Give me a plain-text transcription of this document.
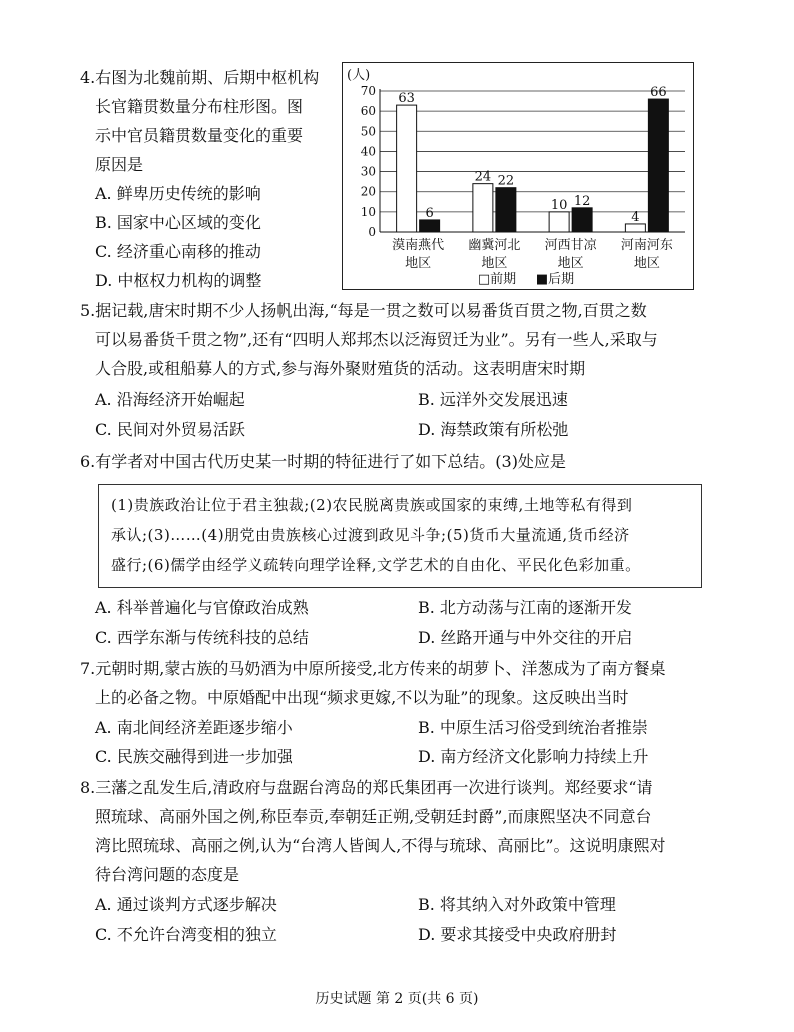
4.右图为北魏前期、后期中枢机构
长官籍贯数量分布柱形图。图
示中官员籍贯数量变化的重要
原因是
A. 鲜卑历史传统的影响
B. 国家中心区域的变化
C. 经济重心南移的推动
D. 中枢权力机构的调整
(人)
0
10
20
30
40
50
60
70
63
6
漠南燕代
地区
24 22
幽冀河北
地区
10 12
河西甘凉
地区
4
66
河南河东
地区
□前期 ■后期
5.据记载,唐宋时期不少人扬帆出海,“每是一贯之数可以易番货百贯之物,百贯之数
可以易番货千贯之物”,还有“四明人郑邦杰以泛海贸迁为业”。另有一些人,采取与
人合股,或租船募人的方式,参与海外聚财殖货的活动。这表明唐宋时期
A. 沿海经济开始崛起	B. 远洋外交发展迅速
C. 民间对外贸易活跃	D. 海禁政策有所松弛
6.有学者对中国古代历史某一时期的特征进行了如下总结。(3)处应是
(1)贵族政治让位于君主独裁;(2)农民脱离贵族或国家的束缚,土地等私有得到
承认;(3)……(4)朋党由贵族核心过渡到政见斗争;(5)货币大量流通,货币经济
盛行;(6)儒学由经学义疏转向理学诠释,文学艺术的自由化、平民化色彩加重。
A. 科举普遍化与官僚政治成熟	B. 北方动荡与江南的逐渐开发
C. 西学东渐与传统科技的总结	D. 丝路开通与中外交往的开启
7.元朝时期,蒙古族的马奶酒为中原所接受,北方传来的胡萝卜、洋葱成为了南方餐桌
上的必备之物。中原婚配中出现“频求更嫁,不以为耻”的现象。这反映出当时
A. 南北间经济差距逐步缩小	B. 中原生活习俗受到统治者推崇
C. 民族交融得到进一步加强	D. 南方经济文化影响力持续上升
8.三藩之乱发生后,清政府与盘踞台湾岛的郑氏集团再一次进行谈判。郑经要求“请
照琉球、高丽外国之例,称臣奉贡,奉朝廷正朔,受朝廷封爵”,而康熙坚决不同意台
湾比照琉球、高丽之例,认为“台湾人皆闽人,不得与琉球、高丽比”。这说明康熙对
待台湾问题的态度是
A. 通过谈判方式逐步解决	B. 将其纳入对外政策中管理
C. 不允许台湾变相的独立	D. 要求其接受中央政府册封
历史试题 第 2 页(共 6 页)
